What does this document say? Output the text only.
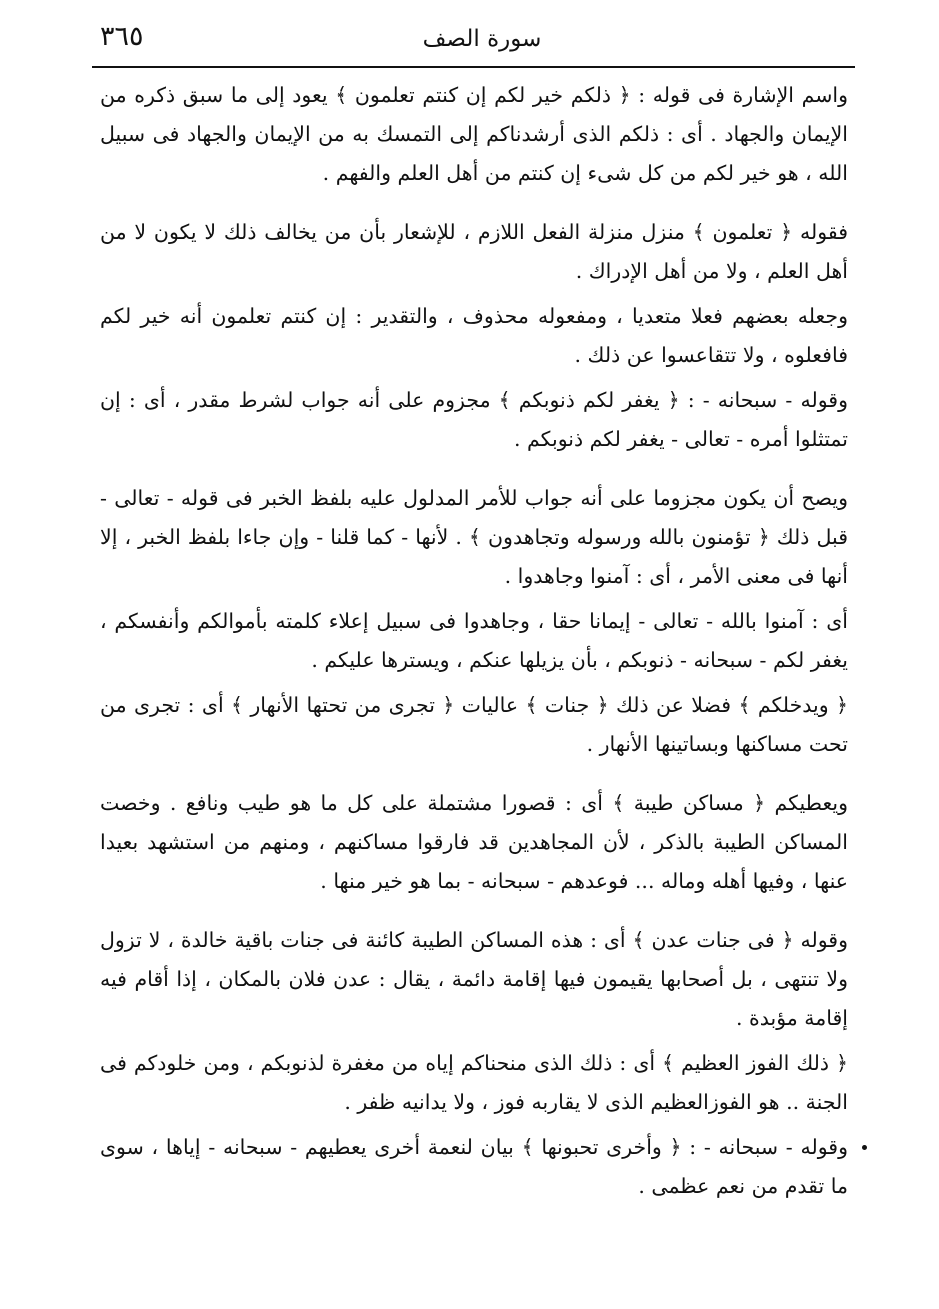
٣٦٥	سورة الصف

واسم الإشارة فى قوله : ﴿ ذلكم خير لكم إن كنتم تعلمون ﴾ يعود إلى ما سبق ذكره من الإيمان والجهاد . أى : ذلكم الذى أرشدناكم إلى التمسك به من الإيمان والجهاد فى سبيل الله ، هو خير لكم من كل شىء إن كنتم من أهل العلم والفهم .

فقوله ﴿ تعلمون ﴾ منزل منزلة الفعل اللازم ، للإشعار بأن من يخالف ذلك لا يكون لا من أهل العلم ، ولا من أهل الإدراك .

وجعله بعضهم فعلا متعديا ، ومفعوله محذوف ، والتقدير : إن كنتم تعلمون أنه خير لكم فافعلوه ، ولا تتقاعسوا عن ذلك .

وقوله - سبحانه - : ﴿ يغفر لكم ذنوبكم ﴾ مجزوم على أنه جواب لشرط مقدر ، أى : إن تمتثلوا أمره - تعالى - يغفر لكم ذنوبكم .

ويصح أن يكون مجزوما على أنه جواب للأمر المدلول عليه بلفظ الخبر فى قوله - تعالى - قبل ذلك ﴿ تؤمنون بالله ورسوله وتجاهدون ﴾ . لأنها - كما قلنا - وإن جاءا بلفظ الخبر ، إلا أنها فى معنى الأمر ، أى : آمنوا وجاهدوا .

أى : آمنوا بالله - تعالى - إيمانا حقا ، وجاهدوا فى سبيل إعلاء كلمته بأموالكم وأنفسكم ، يغفر لكم - سبحانه - ذنوبكم ، بأن يزيلها عنكم ، ويسترها عليكم .

﴿ ويدخلكم ﴾ فضلا عن ذلك ﴿ جنات ﴾ عاليات ﴿ تجرى من تحتها الأنهار ﴾ أى : تجرى من تحت مساكنها وبساتينها الأنهار .

ويعطيكم ﴿ مساكن طيبة ﴾ أى : قصورا مشتملة على كل ما هو طيب ونافع . وخصت المساكن الطيبة بالذكر ، لأن المجاهدين قد فارقوا مساكنهم ، ومنهم من استشهد بعيدا عنها ، وفيها أهله وماله ... فوعدهم - سبحانه - بما هو خير منها .

وقوله ﴿ فى جنات عدن ﴾ أى : هذه المساكن الطيبة كائنة فى جنات باقية خالدة ، لا تزول ولا تنتهى ، بل أصحابها يقيمون فيها إقامة دائمة ، يقال : عدن فلان بالمكان ، إذا أقام فيه إقامة مؤبدة .

﴿ ذلك الفوز العظيم ﴾ أى : ذلك الذى منحناكم إياه من مغفرة لذنوبكم ، ومن خلودكم فى الجنة .. هو الفوزالعظيم الذى لا يقاربه فوز ، ولا يدانيه ظفر .

وقوله - سبحانه - : ﴿ وأخرى تحبونها ﴾ بيان لنعمة أخرى يعطيهم - سبحانه - إياها ، سوى ما تقدم من نعم عظمى .
